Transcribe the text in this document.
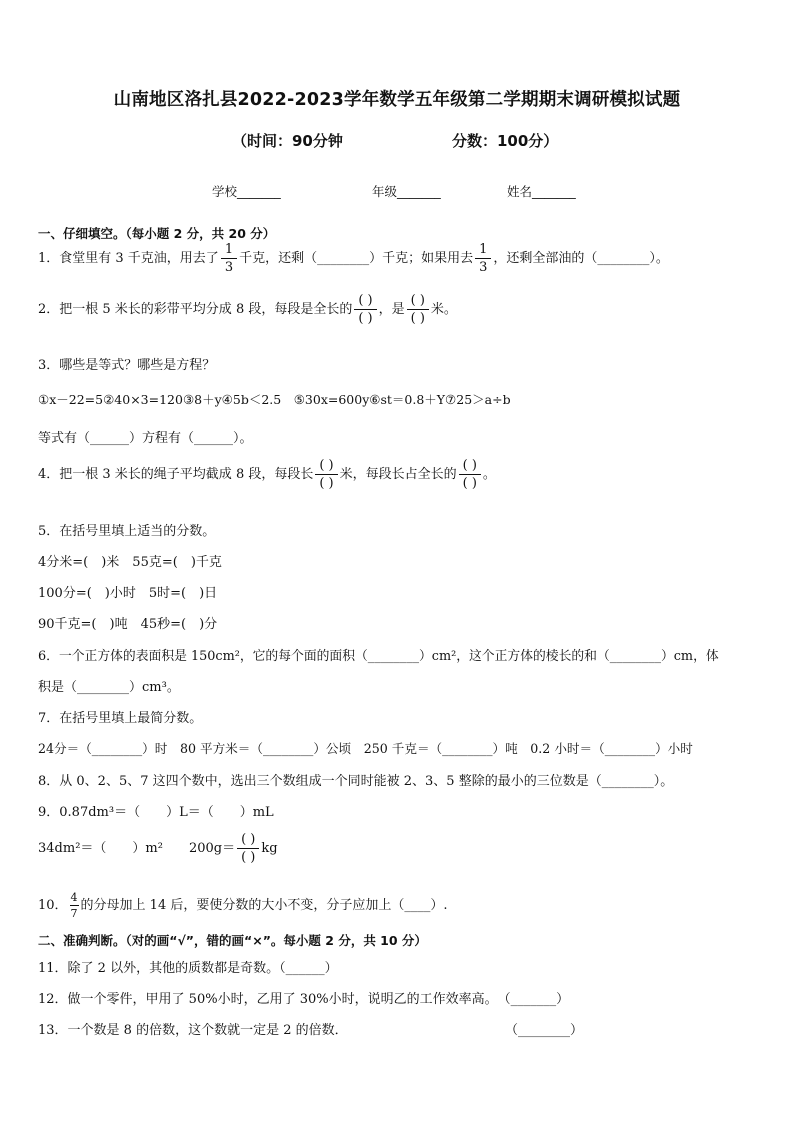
山南地区洛扎县2022-2023学年数学五年级第二学期期末调研模拟试题
（时间：90分钟	分数：100分）
学校_______	年级_______	姓名_______
一、仔细填空。（每小题 2 分，共 20 分）
1．食堂里有 3 千克油，用去了 $\frac{1}{3}$ 千克，还剩（________）千克；如果用去 $\frac{1}{3}$ ，还剩全部油的（________）。
2．把一根 5 米长的彩带平均分成 8 段，每段是全长的 $\frac{( )}{( )}$ ，是 $\frac{( )}{( )}$ 米。
3．哪些是等式？哪些是方程？
①x－22=5②40×3=120③8＋y④5b＜2.5　⑤30x=600y⑥st＝0.8＋Y⑦25＞a÷b
等式有（______）方程有（______）。
4．把一根 3 米长的绳子平均截成 8 段，每段长 $\frac{( )}{( )}$ 米，每段长占全长的 $\frac{( )}{( )}$ 。
5．在括号里填上适当的分数。
4分米=(　)米　55克=(　)千克
100分=(　)小时　5时=(　)日
90千克=(　)吨　45秒=(　)分
6．一个正方体的表面积是 150cm²，它的每个面的面积（________）cm²，这个正方体的棱长的和（________）cm，体
积是（________）cm³。
7．在括号里填上最简分数。
24分＝（________）时　80 平方米＝（________）公顷　250 千克＝（________）吨　0.2 小时＝（________）小时
8．从 0、2、5、7 这四个数中，选出三个数组成一个同时能被 2、3、5 整除的最小的三位数是（________）。
9．0.87dm³＝（　　）L＝（　　）mL
34dm²＝（　　）m²　　$200g= \frac{( )}{( )}$ kg
10． $\frac{4}{7}$ 的分母加上 14 后，要使分数的大小不变，分子应加上（____）.
二、准确判断。（对的画“√”，错的画“×”。每小题 2 分，共 10 分）
11．除了 2 以外，其他的质数都是奇数。（______）
12．做一个零件，甲用了 50%小时，乙用了 30%小时，说明乙的工作效率高。　（_______）
13．一个数是 8 的倍数，这个数就一定是 2 的倍数．	（________）
